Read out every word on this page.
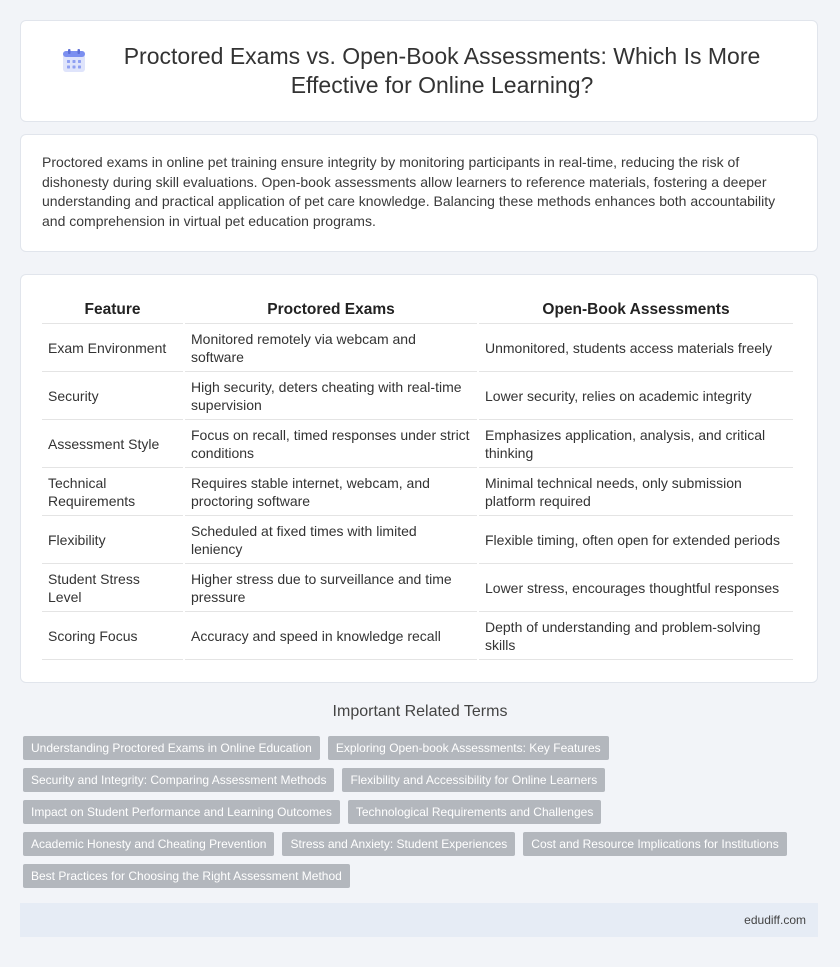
Proctored Exams vs. Open-Book Assessments: Which Is More Effective for Online Learning?

Proctored exams in online pet training ensure integrity by monitoring participants in real-time, reducing the risk of dishonesty during skill evaluations. Open-book assessments allow learners to reference materials, fostering a deeper understanding and practical application of pet care knowledge. Balancing these methods enhances both accountability and comprehension in virtual pet education programs.

Feature	Proctored Exams	Open-Book Assessments
Exam Environment	Monitored remotely via webcam and software	Unmonitored, students access materials freely
Security	High security, deters cheating with real-time supervision	Lower security, relies on academic integrity
Assessment Style	Focus on recall, timed responses under strict conditions	Emphasizes application, analysis, and critical thinking
Technical Requirements	Requires stable internet, webcam, and proctoring software	Minimal technical needs, only submission platform required
Flexibility	Scheduled at fixed times with limited leniency	Flexible timing, often open for extended periods
Student Stress Level	Higher stress due to surveillance and time pressure	Lower stress, encourages thoughtful responses
Scoring Focus	Accuracy and speed in knowledge recall	Depth of understanding and problem-solving skills
Important Related Terms
Understanding Proctored Exams in Online Education	Exploring Open-book Assessments: Key Features
Security and Integrity: Comparing Assessment Methods	Flexibility and Accessibility for Online Learners
Impact on Student Performance and Learning Outcomes	Technological Requirements and Challenges
Academic Honesty and Cheating Prevention	Stress and Anxiety: Student Experiences	Cost and Resource Implications for Institutions
Best Practices for Choosing the Right Assessment Method
edudiff.com
